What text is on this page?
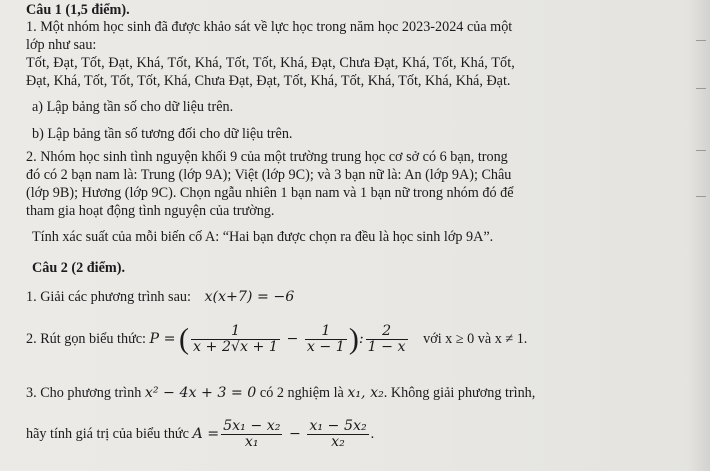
Câu 1 (1,5 điểm).
1. Một nhóm học sinh đã được khảo sát về lực học trong năm học 2023-2024 của một
lớp như sau:
Tốt, Đạt, Tốt, Đạt, Khá, Tốt, Khá, Tốt, Tốt, Khá, Đạt, Chưa Đạt, Khá, Tốt, Khá, Tốt,
Đạt, Khá, Tốt, Tốt, Tốt, Khá, Chưa Đạt, Đạt, Tốt, Khá, Tốt, Khá, Tốt, Khá, Khá, Đạt.
a) Lập bảng tần số cho dữ liệu trên.
b) Lập bảng tần số tương đối cho dữ liệu trên.
2. Nhóm học sinh tình nguyện khối 9 của một trường trung học cơ sở có 6 bạn, trong
đó có 2 bạn nam là: Trung (lớp 9A); Việt (lớp 9C); và 3 bạn nữ là: An (lớp 9A); Châu
(lớp 9B); Hương (lớp 9C). Chọn ngẫu nhiên 1 bạn nam và 1 bạn nữ trong nhóm đó để
tham gia hoạt động tình nguyện của trường.
Tính xác suất của mỗi biến cố A: “Hai bạn được chọn ra đều là học sinh lớp 9A”.
Câu 2 (2 điểm).
1. Giải các phương trình sau: x(x+7) = −6
2. Rút gọn biểu thức: P = ( $\frac{1}{x + 2√x + 1} - \frac{1}{x - 1}$ ): $\frac{2}{1 - x}$ với x ≥ 0 và x ≠ 1.
3. Cho phương trình x² − 4x + 3 = 0 có 2 nghiệm là x₁, x₂. Không giải phương trình,
hãy tính giá trị của biểu thức $A = \frac{\text{5x₁ − x₂}}{\text{x₁}} - \frac{\text{x₁ − 5x₂}}{\text{x₂}}$ .
